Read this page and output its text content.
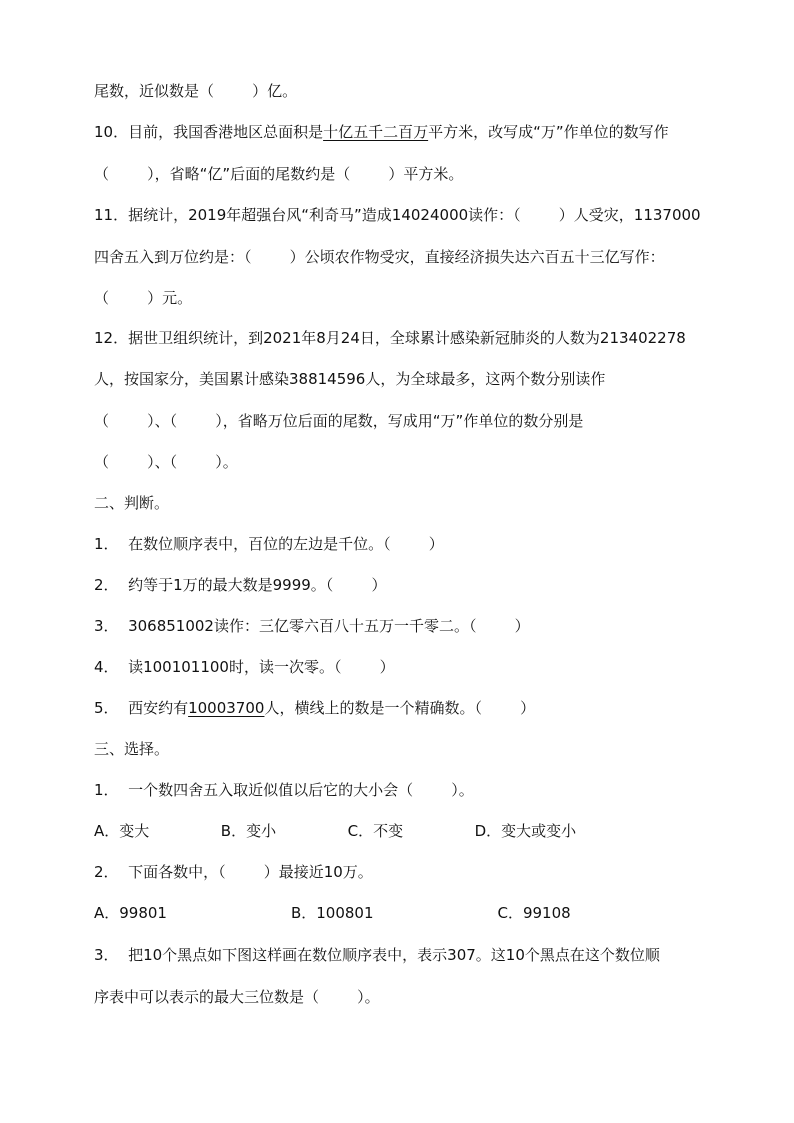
尾数，近似数是（        ）亿。
10．目前，我国香港地区总面积是十亿五千二百万平方米，改写成“万”作单位的数写作
（        ），省略“亿”后面的尾数约是（        ）平方米。
11．据统计，2019年超强台风“利奇马”造成14024000读作：（        ）人受灾，1137000
四舍五入到万位约是：（        ）公顷农作物受灾，直接经济损失达六百五十三亿写作：
（        ）元。
12．据世卫组织统计，到2021年8月24日，全球累计感染新冠肺炎的人数为213402278
人，按国家分，美国累计感染38814596人，为全球最多，这两个数分别读作
（        ）、（        ），省略万位后面的尾数，写成用“万”作单位的数分别是
（        ）、（        ）。
二、判断。
1．  在数位顺序表中，百位的左边是千位。（        ）
2．  约等于1万的最大数是9999。（        ）
3．  306851002读作：三亿零六百八十五万一千零二。（        ）
4．  读100101100时，读一次零。（        ）
5．  西安约有10003700人，横线上的数是一个精确数。（        ）
三、选择。
1．  一个数四舍五入取近似值以后它的大小会（        ）。
A．变大               B．变小               C．不变               D．变大或变小
2．  下面各数中，（        ）最接近10万。
A．99801                          B．100801                          C．99108
3．  把10个黑点如下图这样画在数位顺序表中，表示307。这10个黑点在这个数位顺
序表中可以表示的最大三位数是（        ）。
